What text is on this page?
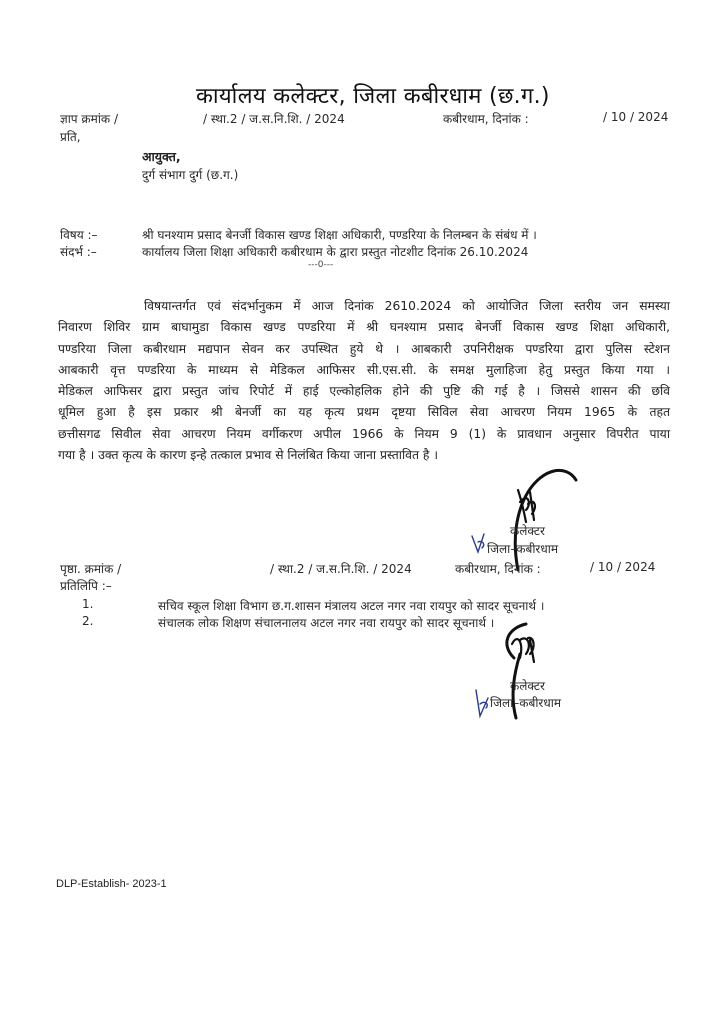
कार्यालय कलेक्टर, जिला कबीरधाम (छ.ग.)
ज्ञाप क्रमांक /	/ स्था.2 / ज.स.नि.शि. / 2024	कबीरधाम, दिनांक :	/ 10 / 2024
प्रति,
आयुक्त,
दुर्ग संभाग दुर्ग (छ.ग.)
विषय :–	श्री घनश्याम प्रसाद बेनर्जी विकास खण्ड शिक्षा अधिकारी, पण्डरिया के निलम्बन के संबंध में ।
संदर्भ :–	कार्यालय जिला शिक्षा अधिकारी कबीरधाम के द्वारा प्रस्तुत नोटशीट दिनांक 26.10.2024
---0---
विषयान्तर्गत एवं संदर्भानुकम में आज दिनांक 2610.2024 को आयोजित जिला स्तरीय जन समस्या
निवारण शिविर ग्राम बाघामुडा विकास खण्ड पण्डरिया में श्री घनश्याम प्रसाद बेनर्जी विकास खण्ड शिक्षा अधिकारी,
पण्डरिया जिला कबीरधाम मद्यपान सेवन कर उपस्थित हुये थे । आबकारी उपनिरीक्षक पण्डरिया द्वारा पुलिस स्टेशन
आबकारी वृत्त पण्डरिया के माध्यम से मेडिकल आफिसर सी.एस.सी. के समक्ष मुलाहिजा हेतु प्रस्तुत किया गया ।
मेडिकल आफिसर द्वारा प्रस्तुत जांच रिपोर्ट में हाई एल्कोहलिक होने की पुष्टि की गई है । जिससे शासन की छवि
धूमिल हुआ है इस प्रकार श्री बेनर्जी का यह कृत्य प्रथम दृष्टया सिविल सेवा आचरण नियम 1965 के तहत
छत्तीसगढ सिवील सेवा आचरण नियम वर्गीकरण अपील 1966 के नियम 9 (1) के प्रावधान अनुसार विपरीत पाया
गया है । उक्त कृत्य के कारण इन्हे तत्काल प्रभाव से निलंबित किया जाना प्रस्तावित है ।
कलेक्टर
जिला–कबीरधाम
पृष्ठा. क्रमांक /	/ स्था.2 / ज.स.नि.शि. / 2024	कबीरधाम, दिनांक :	/ 10 / 2024
प्रतिलिपि :–
1.	सचिव स्कूल शिक्षा विभाग छ.ग.शासन मंत्रालय अटल नगर नवा रायपुर को सादर सूचनार्थ ।
2.	संचालक लोक शिक्षण संचालनालय अटल नगर नवा रायपुर को सादर सूचनार्थ ।
कलेक्टर
जिला–कबीरधाम
DLP-Establish- 2023-1
